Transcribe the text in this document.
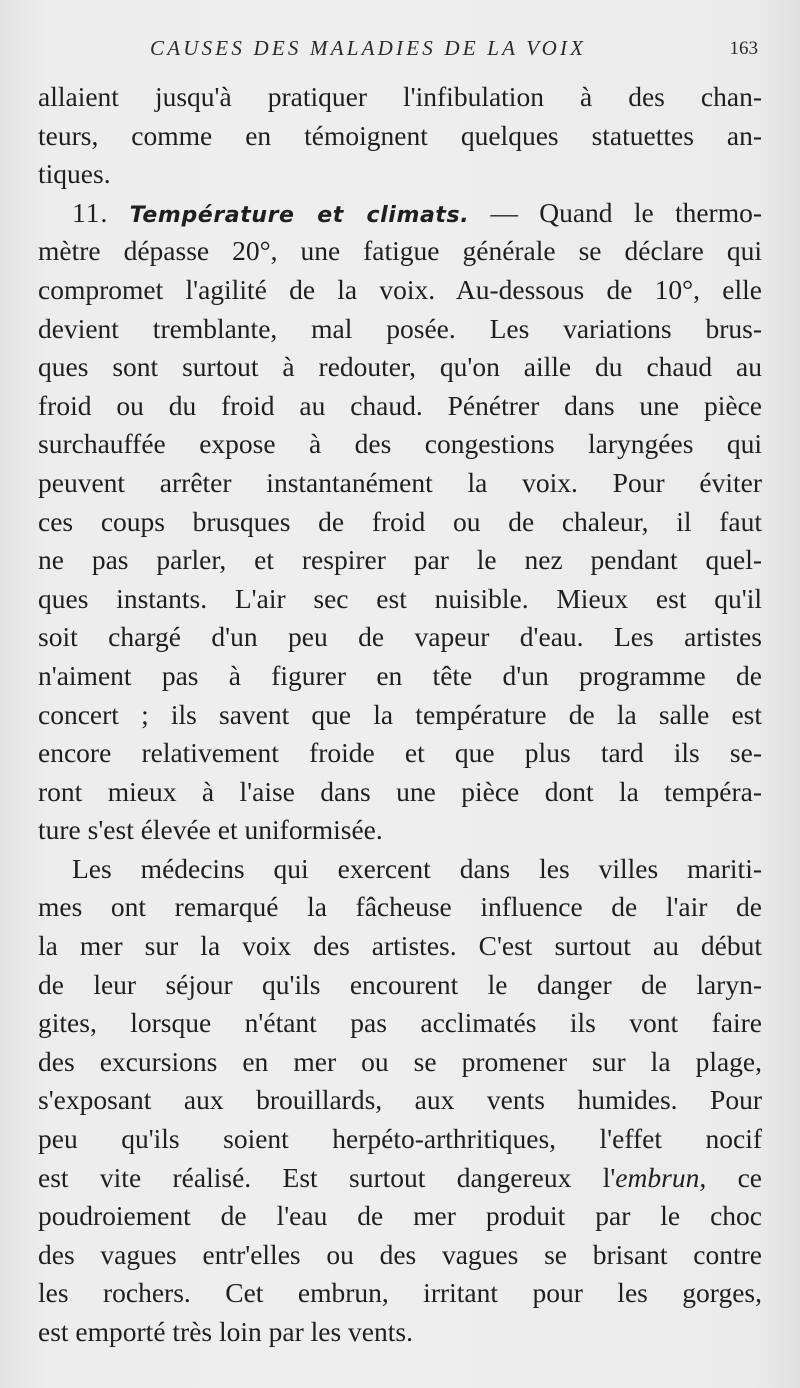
CAUSES DES MALADIES DE LA VOIX	163
allaient jusqu'à pratiquer l'infibulation à des chan-
teurs, comme en témoignent quelques statuettes an-
tiques.
11. Température et climats. — Quand le thermo-
mètre dépasse 20°, une fatigue générale se déclare qui
compromet l'agilité de la voix. Au-dessous de 10°, elle
devient tremblante, mal posée. Les variations brus-
ques sont surtout à redouter, qu'on aille du chaud au
froid ou du froid au chaud. Pénétrer dans une pièce
surchauffée expose à des congestions laryngées qui
peuvent arrêter instantanément la voix. Pour éviter
ces coups brusques de froid ou de chaleur, il faut
ne pas parler, et respirer par le nez pendant quel-
ques instants. L'air sec est nuisible. Mieux est qu'il
soit chargé d'un peu de vapeur d'eau. Les artistes
n'aiment pas à figurer en tête d'un programme de
concert ; ils savent que la température de la salle est
encore relativement froide et que plus tard ils se-
ront mieux à l'aise dans une pièce dont la tempéra-
ture s'est élevée et uniformisée.
Les médecins qui exercent dans les villes mariti-
mes ont remarqué la fâcheuse influence de l'air de
la mer sur la voix des artistes. C'est surtout au début
de leur séjour qu'ils encourent le danger de laryn-
gites, lorsque n'étant pas acclimatés ils vont faire
des excursions en mer ou se promener sur la plage,
s'exposant aux brouillards, aux vents humides. Pour
peu qu'ils soient herpéto-arthritiques, l'effet nocif
est vite réalisé. Est surtout dangereux l'embrun, ce
poudroiement de l'eau de mer produit par le choc
des vagues entr'elles ou des vagues se brisant contre
les rochers. Cet embrun, irritant pour les gorges,
est emporté très loin par les vents.
